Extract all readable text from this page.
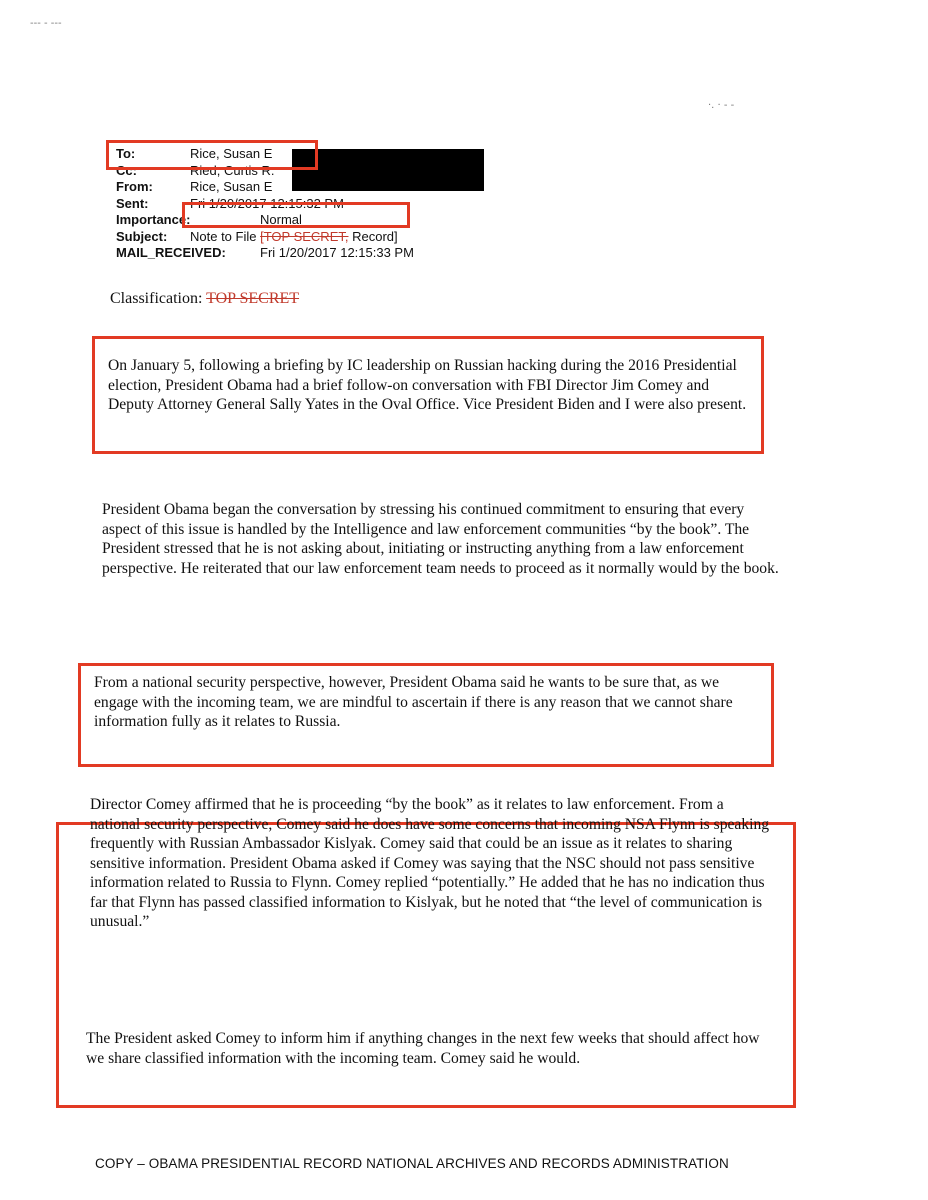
‐‐‐ ‐ ‐‐‐
·. · ‐ ‐
To:	Rice, Susan E
Cc:	Ried, Curtis R.
From:	Rice, Susan E
Sent:	Fri 1/20/2017 12:15:32 PM
Importance:	Normal
Subject:	Note to File [TOP SECRET, Record]
MAIL_RECEIVED:	Fri 1/20/2017 12:15:33 PM
Classification: TOP SECRET

On January 5, following a briefing by IC leadership on Russian hacking during the 2016 Presidential election, President Obama had a brief follow-on conversation with FBI Director Jim Comey and Deputy Attorney General Sally Yates in the Oval Office. Vice President Biden and I were also present.

President Obama began the conversation by stressing his continued commitment to ensuring that every aspect of this issue is handled by the Intelligence and law enforcement communities “by the book”. The President stressed that he is not asking about, initiating or instructing anything from a law enforcement perspective. He reiterated that our law enforcement team needs to proceed as it normally would by the book.

From a national security perspective, however, President Obama said he wants to be sure that, as we engage with the incoming team, we are mindful to ascertain if there is any reason that we cannot share information fully as it relates to Russia.

Director Comey affirmed that he is proceeding “by the book” as it relates to law enforcement. From a national security perspective, Comey said he does have some concerns that incoming NSA Flynn is speaking frequently with Russian Ambassador Kislyak. Comey said that could be an issue as it relates to sharing sensitive information. President Obama asked if Comey was saying that the NSC should not pass sensitive information related to Russia to Flynn. Comey replied “potentially.” He added that he has no indication thus far that Flynn has passed classified information to Kislyak, but he noted that “the level of communication is unusual.”

The President asked Comey to inform him if anything changes in the next few weeks that should affect how we share classified information with the incoming team. Comey said he would.

COPY – OBAMA PRESIDENTIAL RECORD NATIONAL ARCHIVES AND RECORDS ADMINISTRATION
